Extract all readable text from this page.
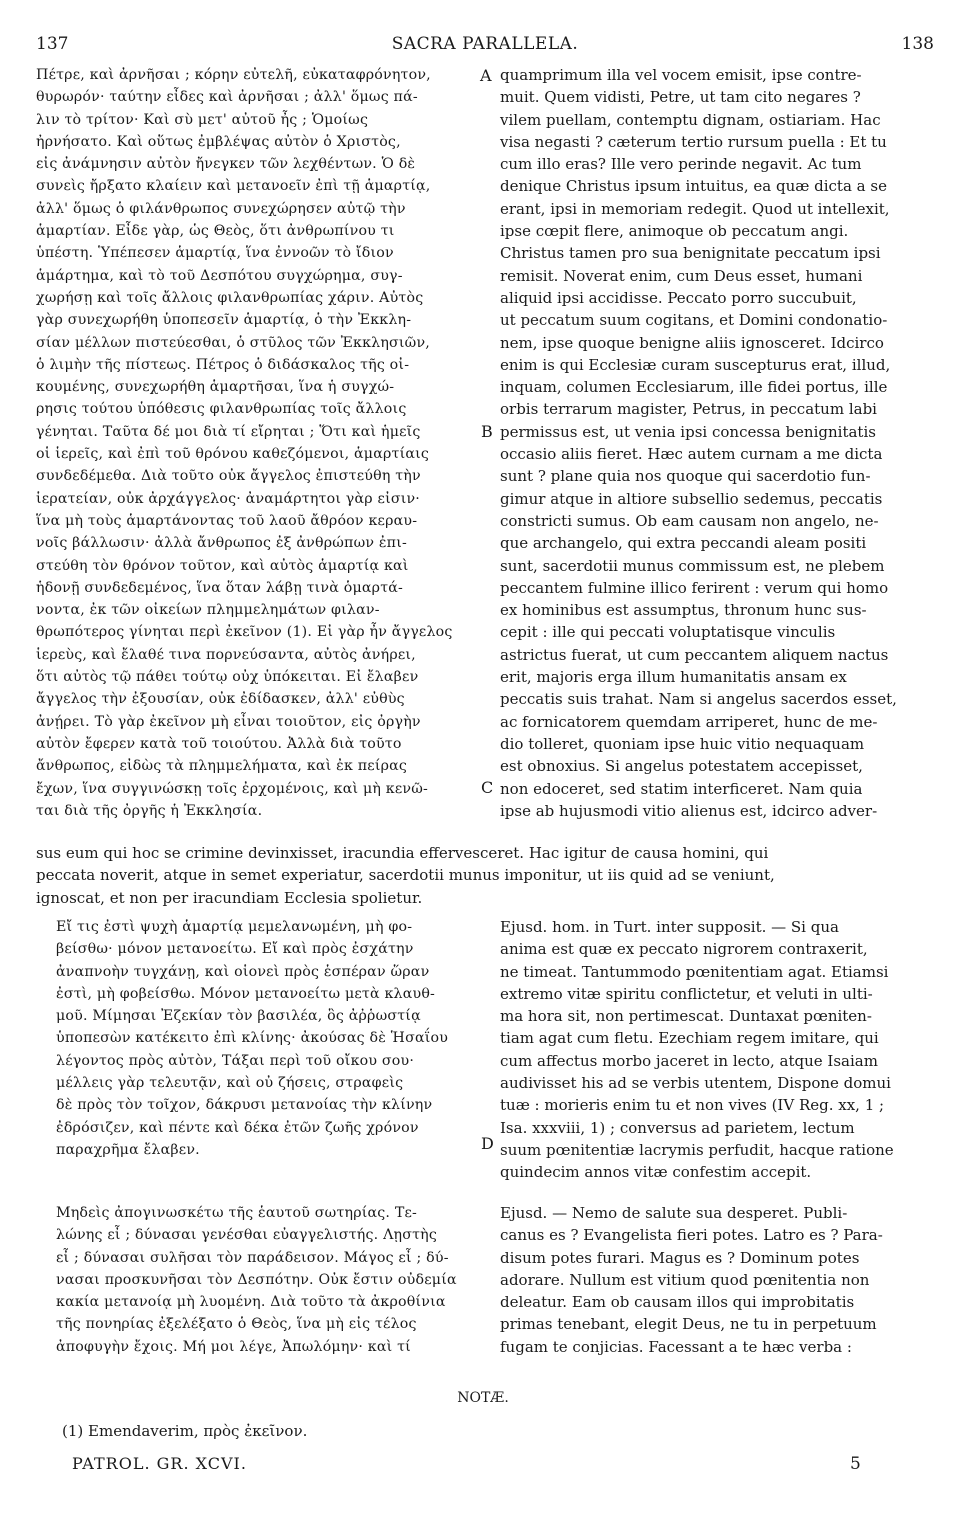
SACRA PARALLELA.
137	138
Πέτρε, καὶ ἀρνῆσαι ; κόρην εὐτελῆ, εὐκαταφρόνητον,
θυρωρόν· ταύτην εἶδες καὶ ἀρνῆσαι ; ἀλλ' ὅμως πά-
λιν τὸ τρίτον· Καὶ σὺ μετ' αὐτοῦ ἦς ; Ὁμοίως
ἠρνήσατο. Καὶ οὕτως ἐμβλέψας αὐτὸν ὁ Χριστὸς,
εἰς ἀνάμνησιν αὐτὸν ἤνεγκεν τῶν λεχθέντων. Ὁ δὲ
συνεὶς ἤρξατο κλαίειν καὶ μετανοεῖν ἐπὶ τῇ ἁμαρτίᾳ,
ἀλλ' ὅμως ὁ φιλάνθρωπος συνεχώρησεν αὐτῷ τὴν
ἁμαρτίαν. Εἶδε γὰρ, ὡς Θεὸς, ὅτι ἀνθρωπίνου τι
ὑπέστη. Ὑπέπεσεν ἁμαρτίᾳ, ἵνα ἐννοῶν τὸ ἴδιον
ἁμάρτημα, καὶ τὸ τοῦ Δεσπότου συγχώρημα, συγ-
χωρήσῃ καὶ τοῖς ἄλλοις φιλανθρωπίας χάριν. Αὐτὸς
γὰρ συνεχωρήθη ὑποπεσεῖν ἁμαρτίᾳ, ὁ τὴν Ἐκκλη-
σίαν μέλλων πιστεύεσθαι, ὁ στῦλος τῶν Ἐκκλησιῶν,
ὁ λιμὴν τῆς πίστεως. Πέτρος ὁ διδάσκαλος τῆς οἰ-
κουμένης, συνεχωρήθη ἁμαρτῆσαι, ἵνα ἡ συγχώ-
ρησις τούτου ὑπόθεσις φιλανθρωπίας τοῖς ἄλλοις
γένηται. Ταῦτα δέ μοι διὰ τί εἴρηται ; Ὅτι καὶ ἡμεῖς
οἱ ἱερεῖς, καὶ ἐπὶ τοῦ θρόνου καθεζόμενοι, ἁμαρτίαις
συνδεδέμεθα. Διὰ τοῦτο οὐκ ἄγγελος ἐπιστεύθη τὴν
ἱερατείαν, οὐκ ἀρχάγγελος· ἀναμάρτητοι γὰρ εἰσιν·
ἵνα μὴ τοὺς ἁμαρτάνοντας τοῦ λαοῦ ἄθρόον κεραυ-
νοῖς βάλλωσιν· ἀλλὰ ἄνθρωπος ἐξ ἀνθρώπων ἐπι-
στεύθη τὸν θρόνον τοῦτον, καὶ αὐτὸς ἁμαρτίᾳ καὶ
ἡδονῇ συνδεδεμένος, ἵνα ὅταν λάβῃ τινὰ ὁμαρτά-
νοντα, ἐκ τῶν οἰκείων πλημμελημάτων φιλαν-
θρωπότερος γίνηται περὶ ἐκεῖνον (1). Εἰ γὰρ ἦν ἄγγελος
ἱερεὺς, καὶ ἔλαθέ τινα πορνεύσαντα, αὐτὸς ἀνήρει,
ὅτι αὐτὸς τῷ πάθει τούτῳ οὐχ ὑπόκειται. Εἰ ἔλαβεν
ἄγγελος τὴν ἐξουσίαν, οὐκ ἐδίδασκεν, ἀλλ' εὐθὺς
ἀνῄρει. Τὸ γὰρ ἐκεῖνον μὴ εἶναι τοιοῦτον, εἰς ὀργὴν
αὐτὸν ἔφερεν κατὰ τοῦ τοιούτου. Ἀλλὰ διὰ τοῦτο
ἄνθρωπος, εἰδὼς τὰ πλημμελήματα, καὶ ἐκ πείρας
ἔχων, ἵνα συγγινώσκῃ τοῖς ἐρχομένοις, καὶ μὴ κενῶ-
ται διὰ τῆς ὀργῆς ἡ Ἐκκλησία.
quamprimum illa vel vocem emisit, ipse contre-
muit. Quem vidisti, Petre, ut tam cito negares ?
vilem puellam, contemptu dignam, ostiariam. Hac
visa negasti ? cæterum tertio rursum puella : Et tu
cum illo eras? Ille vero perinde negavit. Ac tum
denique Christus ipsum intuitus, ea quæ dicta a se
erant, ipsi in memoriam redegit. Quod ut intellexit,
ipse cœpit flere, animoque ob peccatum angi.
Christus tamen pro sua benignitate peccatum ipsi
remisit. Noverat enim, cum Deus esset, humani
aliquid ipsi accidisse. Peccato porro succubuit,
ut peccatum suum cogitans, et Domini condonatio-
nem, ipse quoque benigne aliis ignosceret. Idcirco
enim is qui Ecclesiæ curam suscepturus erat, illud,
inquam, columen Ecclesiarum, ille fidei portus, ille
orbis terrarum magister, Petrus, in peccatum labi
permissus est, ut venia ipsi concessa benignitatis
occasio aliis fieret. Hæc autem curnam a me dicta
sunt ? plane quia nos quoque qui sacerdotio fun-
gimur atque in altiore subsellio sedemus, peccatis
constricti sumus. Ob eam causam non angelo, ne-
que archangelo, qui extra peccandi aleam positi
sunt, sacerdotii munus commissum est, ne plebem
peccantem fulmine illico ferirent : verum qui homo
ex hominibus est assumptus, thronum hunc sus-
cepit : ille qui peccati voluptatisque vinculis
astrictus fuerat, ut cum peccantem aliquem nactus
erit, majoris erga illum humanitatis ansam ex
peccatis suis trahat. Nam si angelus sacerdos esset,
ac fornicatorem quemdam arriperet, hunc de me-
dio tolleret, quoniam ipse huic vitio nequaquam
est obnoxius. Si angelus potestatem accepisset,
non edoceret, sed statim interficeret. Nam quia
ipse ab hujusmodi vitio alienus est, idcirco adver-
A
B
C
D
sus eum qui hoc se crimine devinxisset, iracundia effervesceret. Hac igitur de causa homini, qui
peccata noverit, atque in semet experiatur, sacerdotii munus imponitur, ut iis quid ad se veniunt,
ignoscat, et non per iracundiam Ecclesia spolietur.
Εἴ τις ἐστὶ ψυχὴ ἁμαρτίᾳ μεμελανωμένη, μὴ φο-
βείσθω· μόνον μετανοείτω. Εἴ καὶ πρὸς ἐσχάτην
ἀναπνοὴν τυγχάνῃ, καὶ οἱονεὶ πρὸς ἑσπέραν ὥραν
ἐστὶ, μὴ φοβείσθω. Μόνον μετανοείτω μετὰ κλαυθ-
μοῦ. Μίμησαι Ἐζεκίαν τὸν βασιλέα, ὃς ἀῤῥωστίᾳ
ὑποπεσὼν κατέκειτο ἐπὶ κλίνης· ἀκούσας δὲ Ἡσαΐου
λέγοντος πρὸς αὐτὸν, Τάξαι περὶ τοῦ οἴκου σου·
μέλλεις γὰρ τελευτᾷν, καὶ οὐ ζήσεις, στραφεὶς
δὲ πρὸς τὸν τοῖχον, δάκρυσι μετανοίας τὴν κλίνην
ἐδρόσιζεν, καὶ πέντε καὶ δέκα ἐτῶν ζωῆς χρόνον
παραχρῆμα ἔλαβεν.
Ejusd. hom. in Turt. inter supposit. — Si qua
anima est quæ ex peccato nigrorem contraxerit,
ne timeat. Tantummodo pœnitentiam agat. Etiamsi
extremo vitæ spiritu conflictetur, et veluti in ulti-
ma hora sit, non pertimescat. Duntaxat pœniten-
tiam agat cum fletu. Ezechiam regem imitare, qui
cum affectus morbo jaceret in lecto, atque Isaiam
audivisset his ad se verbis utentem, Dispone domui
tuæ : morieris enim tu et non vives (IV Reg. xx, 1 ;
Isa. xxxviii, 1) ; conversus ad parietem, lectum
suum pœnitentiæ lacrymis perfudit, hacque ratione
quindecim annos vitæ confestim accepit.
Μηδεὶς ἀπογινωσκέτω τῆς ἑαυτοῦ σωτηρίας. Τε-
λώνης εἶ ; δύνασαι γενέσθαι εὐαγγελιστής. Λῃστὴς
εἶ ; δύνασαι συλῆσαι τὸν παράδεισον. Μάγος εἶ ; δύ-
νασαι προσκυνῆσαι τὸν Δεσπότην. Οὐκ ἔστιν οὐδεμία
κακία μετανοίᾳ μὴ λυομένη. Διὰ τοῦτο τὰ ἀκροθίνια
τῆς πονηρίας ἐξελέξατο ὁ Θεὸς, ἵνα μὴ εἰς τέλος
ἀποφυγὴν ἔχοις. Μή μοι λέγε, Ἀπωλόμην· καὶ τί
Ejusd. — Nemo de salute sua desperet. Publi-
canus es ? Evangelista fieri potes. Latro es ? Para-
disum potes furari. Magus es ? Dominum potes
adorare. Nullum est vitium quod pœnitentia non
deleatur. Eam ob causam illos qui improbitatis
primas tenebant, elegit Deus, ne tu in perpetuum
fugam te conjicias. Facessant a te hæc verba :
NOTÆ.
(1) Emendaverim, πρὸς ἐκεῖνον.
PATROL. GR. XCVI.	5
